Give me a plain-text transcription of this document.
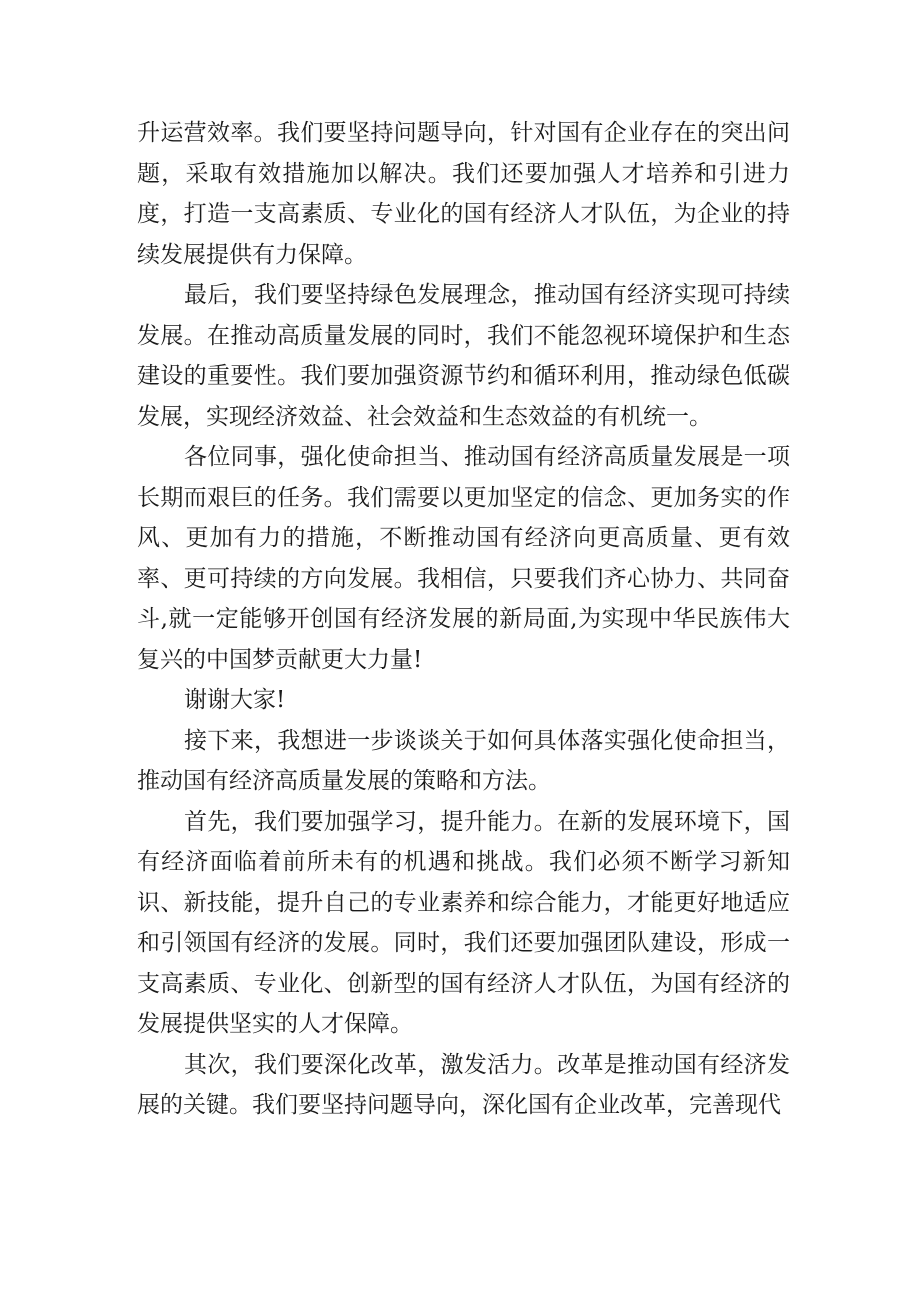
升运营效率。我们要坚持问题导向，针对国有企业存在的突出问题，采取有效措施加以解决。我们还要加强人才培养和引进力度，打造一支高素质、专业化的国有经济人才队伍，为企业的持续发展提供有力保障。

最后，我们要坚持绿色发展理念，推动国有经济实现可持续发展。在推动高质量发展的同时，我们不能忽视环境保护和生态建设的重要性。我们要加强资源节约和循环利用，推动绿色低碳发展，实现经济效益、社会效益和生态效益的有机统一。

各位同事，强化使命担当、推动国有经济高质量发展是一项长期而艰巨的任务。我们需要以更加坚定的信念、更加务实的作风、更加有力的措施，不断推动国有经济向更高质量、更有效率、更可持续的方向发展。我相信，只要我们齐心协力、共同奋斗,就一定能够开创国有经济发展的新局面,为实现中华民族伟大复兴的中国梦贡献更大力量!

谢谢大家!

接下来，我想进一步谈谈关于如何具体落实强化使命担当，推动国有经济高质量发展的策略和方法。

首先，我们要加强学习，提升能力。在新的发展环境下，国有经济面临着前所未有的机遇和挑战。我们必须不断学习新知识、新技能，提升自己的专业素养和综合能力，才能更好地适应和引领国有经济的发展。同时，我们还要加强团队建设，形成一支高素质、专业化、创新型的国有经济人才队伍，为国有经济的发展提供坚实的人才保障。

其次，我们要深化改革，激发活力。改革是推动国有经济发展的关键。我们要坚持问题导向，深化国有企业改革，完善现代
